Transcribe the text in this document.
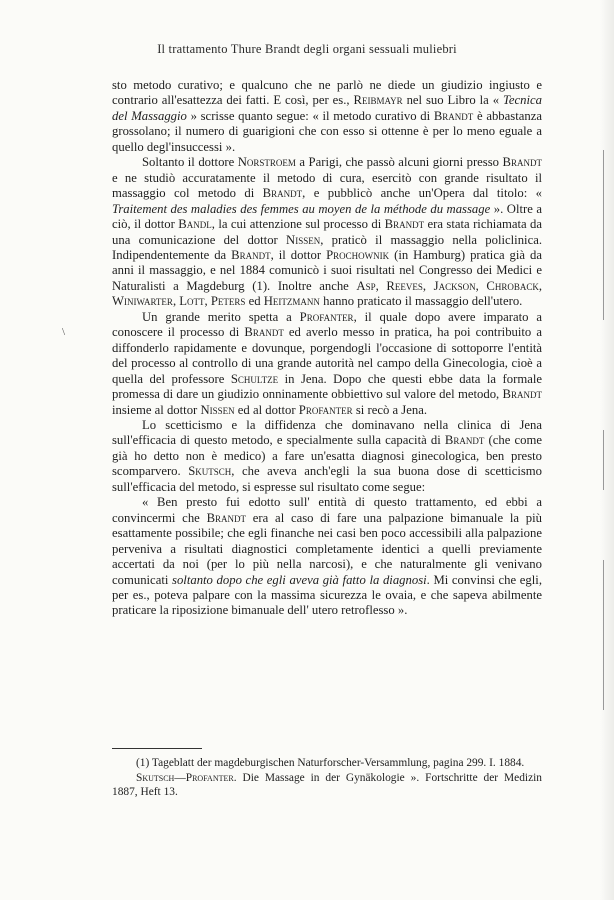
Il trattamento Thure Brandt degli organi sessuali muliebri

sto metodo curativo; e qualcuno che ne parlò ne diede un giudizio ingiusto e contrario all'esattezza dei fatti. E così, per es., Reibmayr nel suo Libro la « Tecnica del Massaggio » scrisse quanto segue: « il metodo curativo di Brandt è abbastanza grossolano; il numero di guarigioni che con esso si ottenne è per lo meno eguale a quello degl'insuccessi ».

Soltanto il dottore Norstroem a Parigi, che passò alcuni giorni presso Brandt e ne studiò accuratamente il metodo di cura, esercitò con grande risultato il massaggio col metodo di Brandt, e pubblicò anche un'Opera dal titolo: « Traitement des maladies des femmes au moyen de la méthode du massage ». Oltre a ciò, il dottor Bandl, la cui attenzione sul processo di Brandt era stata richiamata da una comunicazione del dottor Nissen, praticò il massaggio nella policlinica. Indipendentemente da Brandt, il dottor Prochownik (in Hamburg) pratica già da anni il massaggio, e nel 1884 comunicò i suoi risultati nel Congresso dei Medici e Naturalisti a Magdeburg (1). Inoltre anche Asp, Reeves, Jackson, Chroback, Winiwarter, Lott, Peters ed Heitzmann hanno praticato il massaggio dell'utero.

Un grande merito spetta a Profanter, il quale dopo avere imparato a conoscere il processo di Brandt ed averlo messo in pratica, ha poi contribuito a diffonderlo rapidamente e dovunque, porgendogli l'occasione di sottoporre l'entità del processo al controllo di una grande autorità nel campo della Ginecologia, cioè a quella del professore Schultze in Jena. Dopo che questi ebbe data la formale promessa di dare un giudizio onninamente obbiettivo sul valore del metodo, Brandt insieme al dottor Nissen ed al dottor Profanter si recò a Jena.

Lo scetticismo e la diffidenza che dominavano nella clinica di Jena sull'efficacia di questo metodo, e specialmente sulla capacità di Brandt (che come già ho detto non è medico) a fare un'esatta diagnosi ginecologica, ben presto scomparvero. Skutsch, che aveva anch'egli la sua buona dose di scetticismo sull'efficacia del metodo, si espresse sul risultato come segue:

« Ben presto fui edotto sull' entità di questo trattamento, ed ebbi a convincermi che Brandt era al caso di fare una palpazione bimanuale la più esattamente possibile; che egli finanche nei casi ben poco accessibili alla palpazione perveniva a risultati diagnostici completamente identici a quelli previamente accertati da noi (per lo più nella narcosi), e che naturalmente gli venivano comunicati soltanto dopo che egli aveva già fatto la diagnosi. Mi convinsi che egli, per es., poteva palpare con la massima sicurezza le ovaia, e che sapeva abilmente praticare la riposizione bimanuale dell' utero retroflesso ».

(1) Tageblatt der magdeburgischen Naturforscher-Versammlung, pagina 299. I. 1884.

Skutsch—Profanter. Die Massage in der Gynäkologie ». Fortschritte der Medizin 1887, Heft 13.

\
